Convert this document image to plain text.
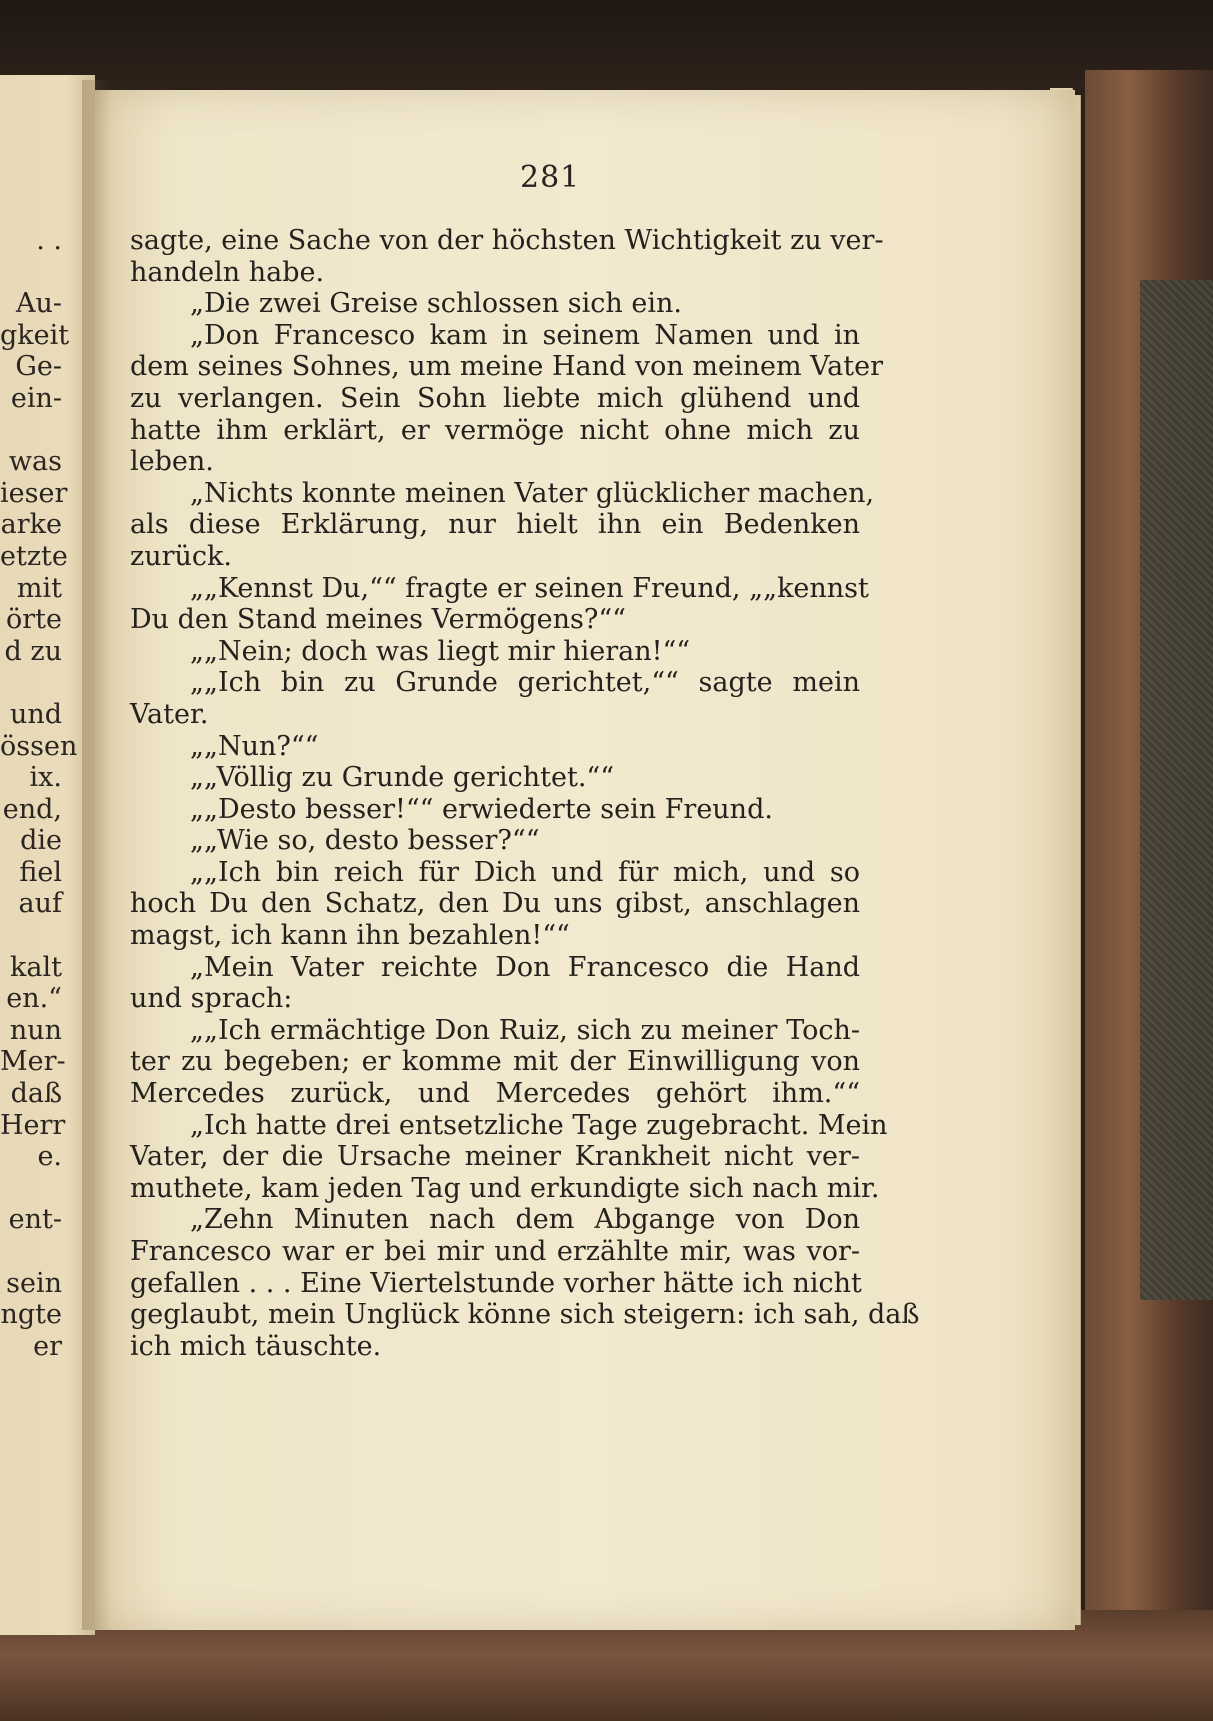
. .
Au-
gkeit
Ge-
ein-
was
ieser
arke
etzte
mit
örte
d zu
und
össen
ix.
end,
die
fiel
auf
kalt
en.“
nun
Mer-
daß
Herr
e.
ent-
sein
ngte
er
281
sagte, eine Sache von der höchsten Wichtigkeit zu ver-
handeln habe.
„Die zwei Greise schlossen sich ein.
„Don Francesco kam in seinem Namen und in
dem seines Sohnes, um meine Hand von meinem Vater
zu verlangen. Sein Sohn liebte mich glühend und
hatte ihm erklärt, er vermöge nicht ohne mich zu
leben.
„Nichts konnte meinen Vater glücklicher machen,
als diese Erklärung, nur hielt ihn ein Bedenken
zurück.
„„Kennst Du,““ fragte er seinen Freund, „„kennst
Du den Stand meines Vermögens?““
„„Nein; doch was liegt mir hieran!““
„„Ich bin zu Grunde gerichtet,““ sagte mein
Vater.
„„Nun?““
„„Völlig zu Grunde gerichtet.““
„„Desto besser!““ erwiederte sein Freund.
„„Wie so, desto besser?““
„„Ich bin reich für Dich und für mich, und so
hoch Du den Schatz, den Du uns gibst, anschlagen
magst, ich kann ihn bezahlen!““
„Mein Vater reichte Don Francesco die Hand
und sprach:
„„Ich ermächtige Don Ruiz, sich zu meiner Toch-
ter zu begeben; er komme mit der Einwilligung von
Mercedes zurück, und Mercedes gehört ihm.““
„Ich hatte drei entsetzliche Tage zugebracht. Mein
Vater, der die Ursache meiner Krankheit nicht ver-
muthete, kam jeden Tag und erkundigte sich nach mir.
„Zehn Minuten nach dem Abgange von Don
Francesco war er bei mir und erzählte mir, was vor-
gefallen . . . Eine Viertelstunde vorher hätte ich nicht
geglaubt, mein Unglück könne sich steigern: ich sah, daß
ich mich täuschte.
